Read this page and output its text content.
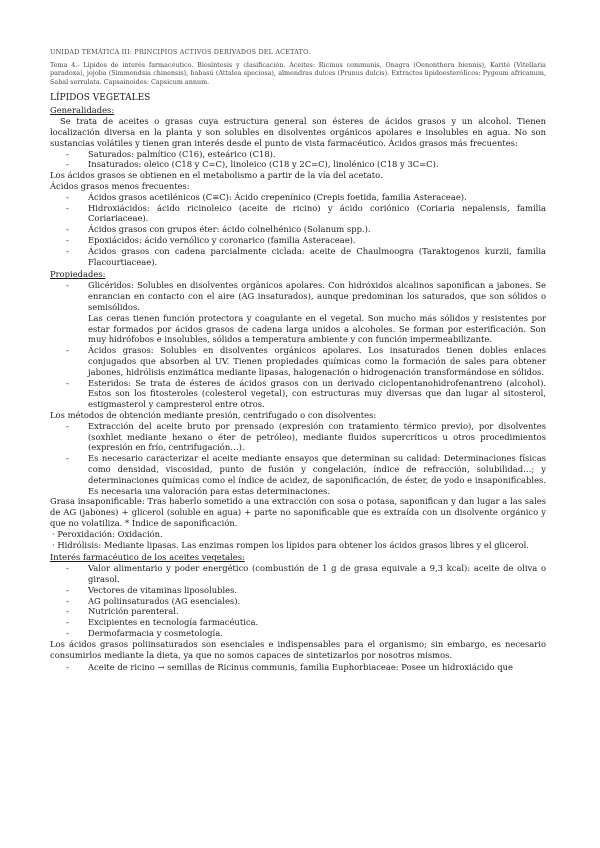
UNIDAD TEMÁTICA III: PRINCIPIOS ACTIVOS DERIVADOS DEL ACETATO.
Tema 4.- Lípidos de interés farmacéutico. Biosíntesis y clasificación. Aceites: Ricinus communis, Onagra (Oenonthera biennis), Karité (Vitellaria paradoxa), jojoba (Simmondsia chinensis), babasú (Attalea speciosa), almendras dulces (Prunus dulcis). Extractos lipidoesteróIicos: Pygeum africanum, Sabal serrulata. Capsainoides: Capsicum annum.
LÍPIDOS VEGETALES
Generalidades:

Se trata de aceites o grasas cuya estructura general son ésteres de ácidos grasos y un alcohol. Tienen localización diversa en la planta y son solubles en disolventes orgánicos apolares e insolubles en agua. No son sustancias volátiles y tienen gran interés desde el punto de vista farmacéutico. Ácidos grasos más frecuentes:

- Saturados: palmítico (C16), esteárico (C18).
- Insaturados: oleico (C18 y C=C), linoleico (C18 y 2C=C), linolénico (C18 y 3C=C).

Los ácidos grasos se obtienen en el metabolismo a partir de la vía del acetato.

Ácidos grasos menos frecuentes:

- Ácidos grasos acetilénicos (C≡C): Ácido crepenínico (Crepis foetida, familia Asteraceae).
- Hidroxiácidos: ácido ricinoleico (aceite de ricino) y ácido coriónico (Coriaria nepalensis, familia Coriariaceae).
- Ácidos grasos con grupos éter: ácido colnelhénico (Solanum spp.).
- Epoxiácidos: ácido vernólico y coronarico (familia Asteraceae).
- Ácidos grasos con cadena parcialmente ciclada: aceite de Chaulmoogra (Taraktogenos kurzii, familia Flacourtiaceae).
Propiedades:
- Glicéridos: Solubles en disolventes orgánicos apolares. Con hidróxidos alcalinos saponifican a jabones. Se enrancian en contacto con el aire (AG insaturados), aunque predominan los saturados, que son sólidos o semisólidos.
Las ceras tienen función protectora y coagulante en el vegetal. Son mucho más sólidos y resistentes por estar formados por ácidos grasos de cadena larga unidos a alcoholes. Se forman por esterificación. Son muy hidrófobos e insolubles, sólidos a temperatura ambiente y con función impermeabilizante.
- Ácidos grasos: Solubles en disolventes orgánicos apolares. Los insaturados tienen dobles enlaces conjugados que absorben al UV. Tienen propiedades químicas como la formación de sales para obtener jabones, hidrólisis enzimática mediante lipasas, halogenación o hidrogenación transformándose en sólidos.
- Esteridos: Se trata de ésteres de ácidos grasos con un derivado ciclopentanohidrofenantreno (alcohol). Estos son los fitosteroles (colesterol vegetal), con estructuras muy diversas que dan lugar al sitosterol, estigmasterol y campresterol entre otros.

Los métodos de obtención mediante presión, centrifugado o con disolventes:

- Extracción del aceite bruto por prensado (expresión con tratamiento térmico previo), por disolventes (soxhlet mediante hexano o éter de petróleo), mediante fluidos supercríticos u otros procedimientos (expresión en frío, centrifugación…).
- Es necesario caracterizar el aceite mediante ensayos que determinan su calidad: Determinaciones físicas como densidad, viscosidad, punto de fusión y congelación, índice de refracción, solubilidad…; y determinaciones químicas como el índice de acidez, de saponificación, de éster, de yodo e insaponificables. Es necesaria una valoración para estas determinaciones.

Grasa insaponificable: Tras haberlo sometido a una extracción con sosa o potasa, saponifican y dan lugar a las sales de AG (jabones) + glicerol (soluble en agua) + parte no saponificable que es extraída con un disolvente orgánico y que no volatiliza. * Índice de saponificación.

· Peroxidación: Oxidación.
· Hidrólisis: Mediante lipasas. Las enzimas rompen los lípidos para obtener los ácidos grasos libres y el glicerol.
Interés farmacéutico de los aceites vegetales:
- Valor alimentario y poder energético (combustión de 1 g de grasa equivale a 9,3 kcal): aceite de oliva o girasol.
- Vectores de vitaminas liposolubles.
- AG poliinsaturados (AG esenciales).
- Nutrición parenteral.
- Excipientes en tecnología farmacéutica.
- Dermofarmacia y cosmetología.

Los ácidos grasos poliinsaturados son esenciales e indispensables para el organismo; sin embargo, es necesario consumirlos mediante la dieta, ya que no somos capaces de sintetizarlos por nosotros mismos.

- Aceite de ricino → semillas de Ricinus communis, familia Euphorbiaceae: Posee un hidroxiácido que
